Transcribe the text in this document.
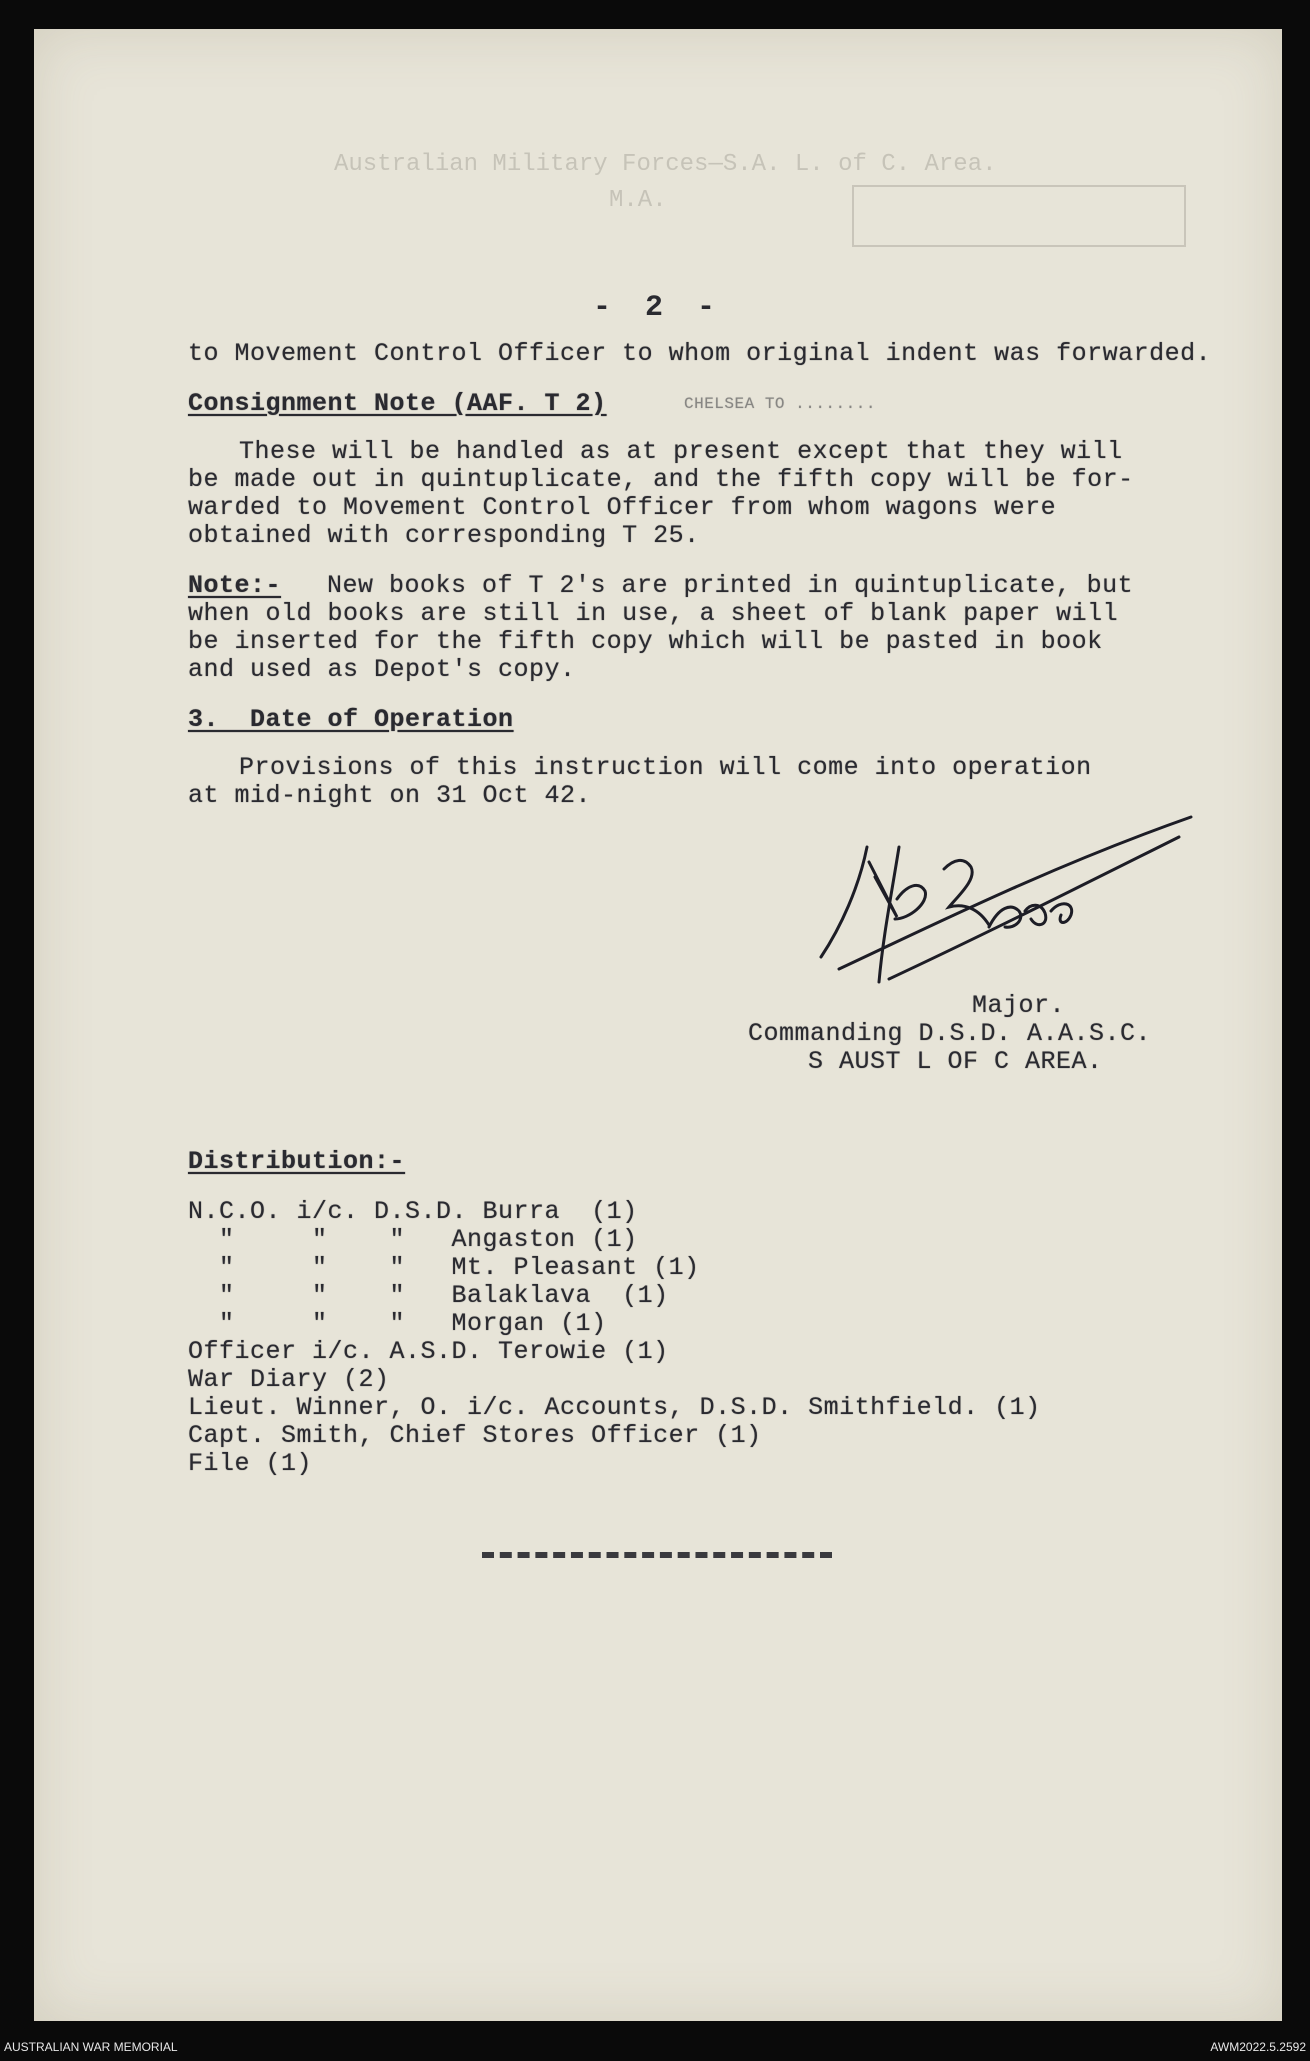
Australian Military Forces—S.A. L. of C. Area.
M.A.
- 2 -
to Movement Control Officer to whom original indent was forwarded.
Consignment Note (AAF. T 2)	CHELSEA TO ........
These will be handled as at present except that they will
be made out in quintuplicate, and the fifth copy will be for-
warded to Movement Control Officer from whom wagons were
obtained with corresponding T 25.
Note:- New books of T 2's are printed in quintuplicate, but
when old books are still in use, a sheet of blank paper will
be inserted for the fifth copy which will be pasted in book
and used as Depot's copy.
3.  Date of Operation
Provisions of this instruction will come into operation
at mid-night on 31 Oct 42.
Major.
Commanding D.S.D. A.A.S.C.
S AUST L OF C AREA.
Distribution:-
N.C.O. i/c. D.S.D. Burra  (1)
"     "    "   Angaston (1)
"     "    "   Mt. Pleasant (1)
"     "    "   Balaklava  (1)
"     "    "   Morgan (1)
Officer i/c. A.S.D. Terowie (1)
War Diary (2)
Lieut. Winner, O. i/c. Accounts, D.S.D. Smithfield. (1)
Capt. Smith, Chief Stores Officer (1)
File (1)
AUSTRALIAN WAR MEMORIAL	AWM2022.5.2592
